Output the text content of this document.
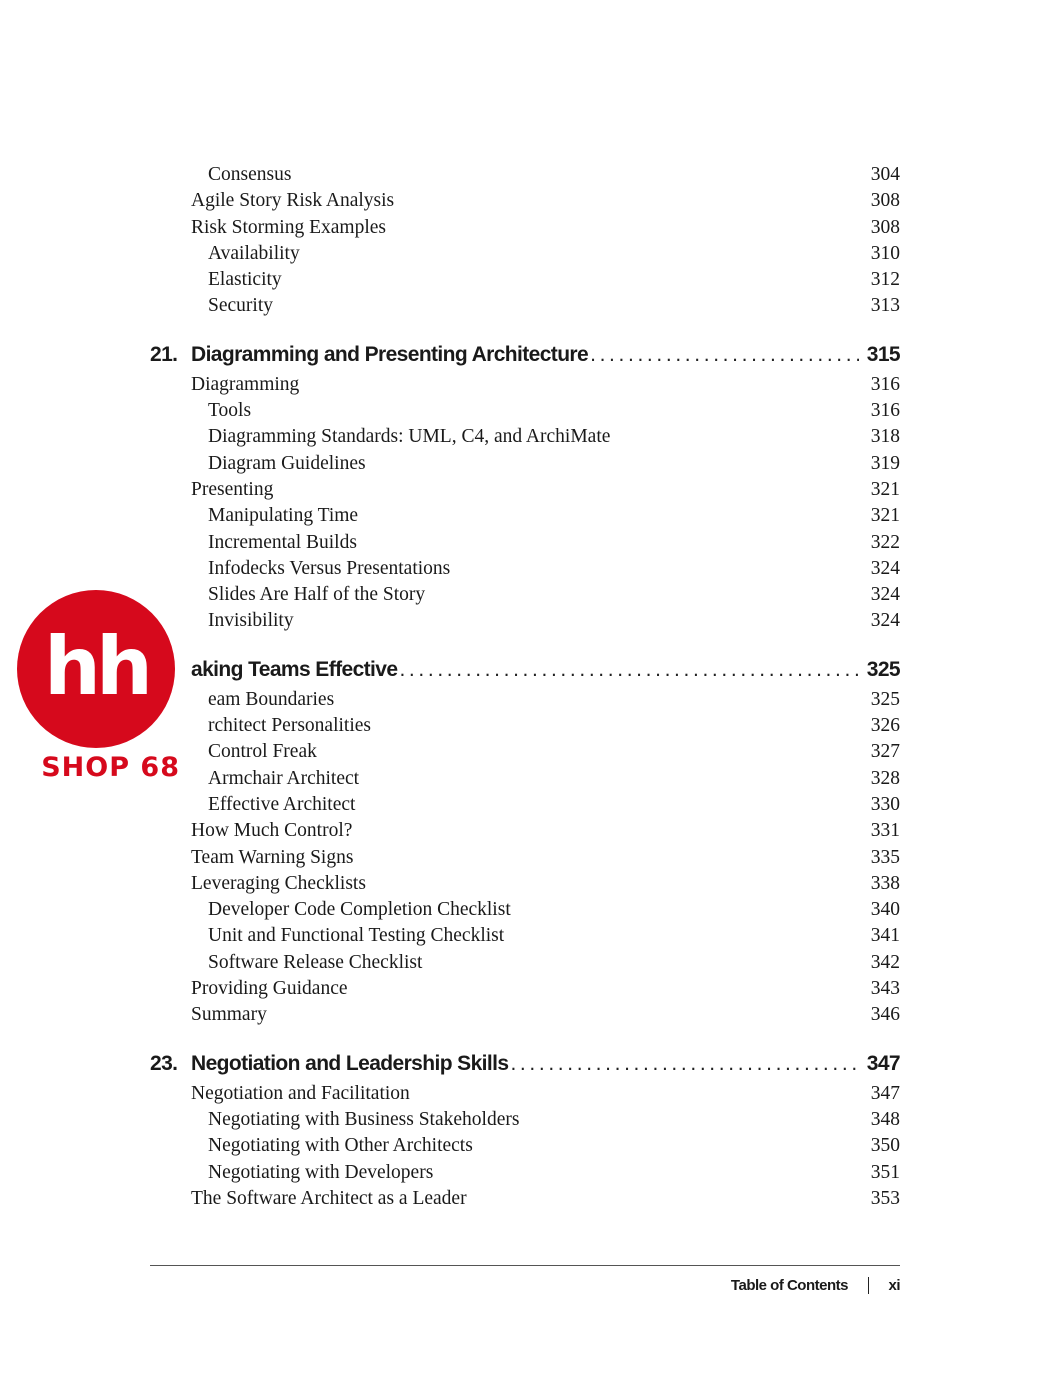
Consensus	304
Agile Story Risk Analysis	308
Risk Storming Examples	308
Availability	310
Elasticity	312
Security	313
21. Diagramming and Presenting Architecture . . .	315
Diagramming	316
Tools	316
Diagramming Standards: UML, C4, and ArchiMate	318
Diagram Guidelines	319
Presenting	321
Manipulating Time	321
Incremental Builds	322
Infodecks Versus Presentations	324
Slides Are Half of the Story	324
Invisibility	324
aking Teams Effective . . .	325
eam Boundaries	325
rchitect Personalities	326
Control Freak	327
Armchair Architect	328
Effective Architect	330
How Much Control?	331
Team Warning Signs	335
Leveraging Checklists	338
Developer Code Completion Checklist	340
Unit and Functional Testing Checklist	341
Software Release Checklist	342
Providing Guidance	343
Summary	346
23. Negotiation and Leadership Skills . . .	347
Negotiation and Facilitation	347
Negotiating with Business Stakeholders	348
Negotiating with Other Architects	350
Negotiating with Developers	351
The Software Architect as a Leader	353
Table of Contents	xi
hh
SHOP 68
